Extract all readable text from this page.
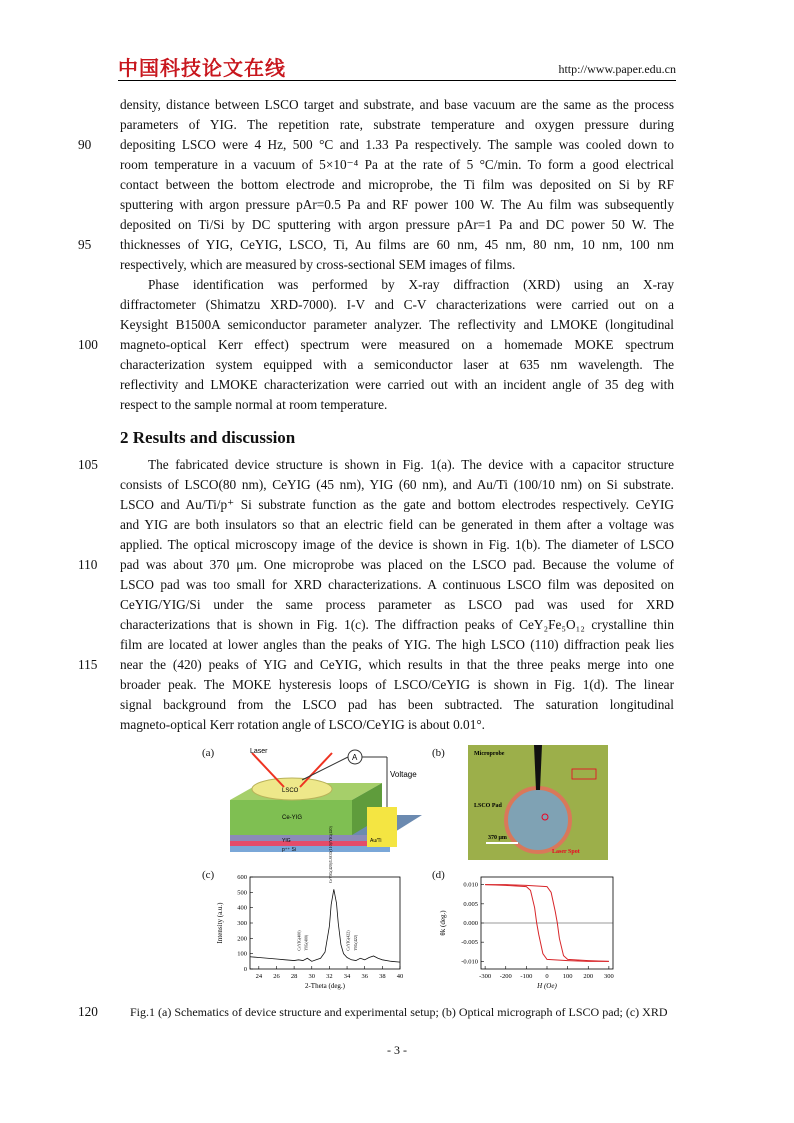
中国科技论文在线	http://www.paper.edu.cn
density, distance between LSCO target and substrate, and base vacuum are the same as the process
parameters of YIG. The repetition rate, substrate temperature and oxygen pressure during
depositing LSCO were 4 Hz, 500 °C and 1.33 Pa respectively. The sample was cooled down to
90
room temperature in a vacuum of 5×10⁻⁴ Pa at the rate of 5 °C/min. To form a good electrical
contact between the bottom electrode and microprobe, the Ti film was deposited on Si by RF
sputtering with argon pressure pAr=0.5 Pa and RF power 100 W. The Au film was subsequently
deposited on Ti/Si by DC sputtering with argon pressure pAr=1 Pa and DC power 50 W. The
thicknesses of YIG, CeYIG, LSCO, Ti, Au films are 60 nm, 45 nm, 80 nm, 10 nm, 100 nm
95
respectively, which are measured by cross-sectional SEM images of films.
Phase identification was performed by X-ray diffraction (XRD) using an X-ray
diffractometer (Shimatzu XRD-7000). I-V and C-V characterizations were carried out on a
Keysight B1500A semiconductor parameter analyzer. The reflectivity and LMOKE (longitudinal
magneto-optical Kerr effect) spectrum were measured on a homemade MOKE spectrum
100
characterization system equipped with a semiconductor laser at 635 nm wavelength. The
reflectivity and LMOKE characterization were carried out with an incident angle of 35 deg with
respect to the sample normal at room temperature.
2 Results and discussion
The fabricated device structure is shown in Fig. 1(a). The device with a capacitor structure
105
consists of LSCO(80 nm), CeYIG (45 nm), YIG (60 nm), and Au/Ti (100/10 nm) on Si substrate.
LSCO and Au/Ti/p⁺ Si substrate function as the gate and bottom electrodes respectively. CeYIG
and YIG are both insulators so that an electric field can be generated in them after a voltage was
applied. The optical microscopy image of the device is shown in Fig. 1(b). The diameter of LSCO
pad was about 370 μm. One microprobe was placed on the LSCO pad. Because the volume of
110
LSCO pad was too small for XRD characterizations. A continuous LSCO film was deposited on
CeYIG/YIG/Si under the same process parameter as LSCO pad was used for XRD
characterizations that is shown in Fig. 1(c). The diffraction peaks of CeY₂Fe₅O₁₂ crystalline thin
film are located at lower angles than the peaks of YIG. The high LSCO (110) diffraction peak lies
near the (420) peaks of YIG and CeYIG, which results in that the three peaks merge into one
115
broader peak. The MOKE hysteresis loops of LSCO/CeYIG is shown in Fig. 1(d). The linear
signal background from the LSCO pad has been subtracted. The saturation longitudinal
magneto-optical Kerr rotation angle of LSCO/CeYIG is about 0.01°.
(a)	Laser
A
Voltage
LSCO
Ce-YIG
YIG
p⁺⁺ Si
Au/Ti
(b)	Microprobe
LSCO Pad
370 μm
Laser Spot
(c)
24 26 28 30 32 34 36 38 40
0
100
200
300
400
500
600
2-Theta (deg.)
Intensity (a.u.)	CeYIG(400) YIG(400)
CeYIG(420)/LSCO(110)/YIG(420)
CeYIG(422) YIG(422)
(d)
-300 -200 -100 0 100 200 300
0.010
0.005
0.000
-0.005
-0.010
H (Oe)
θk (deg.)
120	Fig.1 (a) Schematics of device structure and experimental setup; (b) Optical micrograph of LSCO pad; (c) XRD
- 3 -
